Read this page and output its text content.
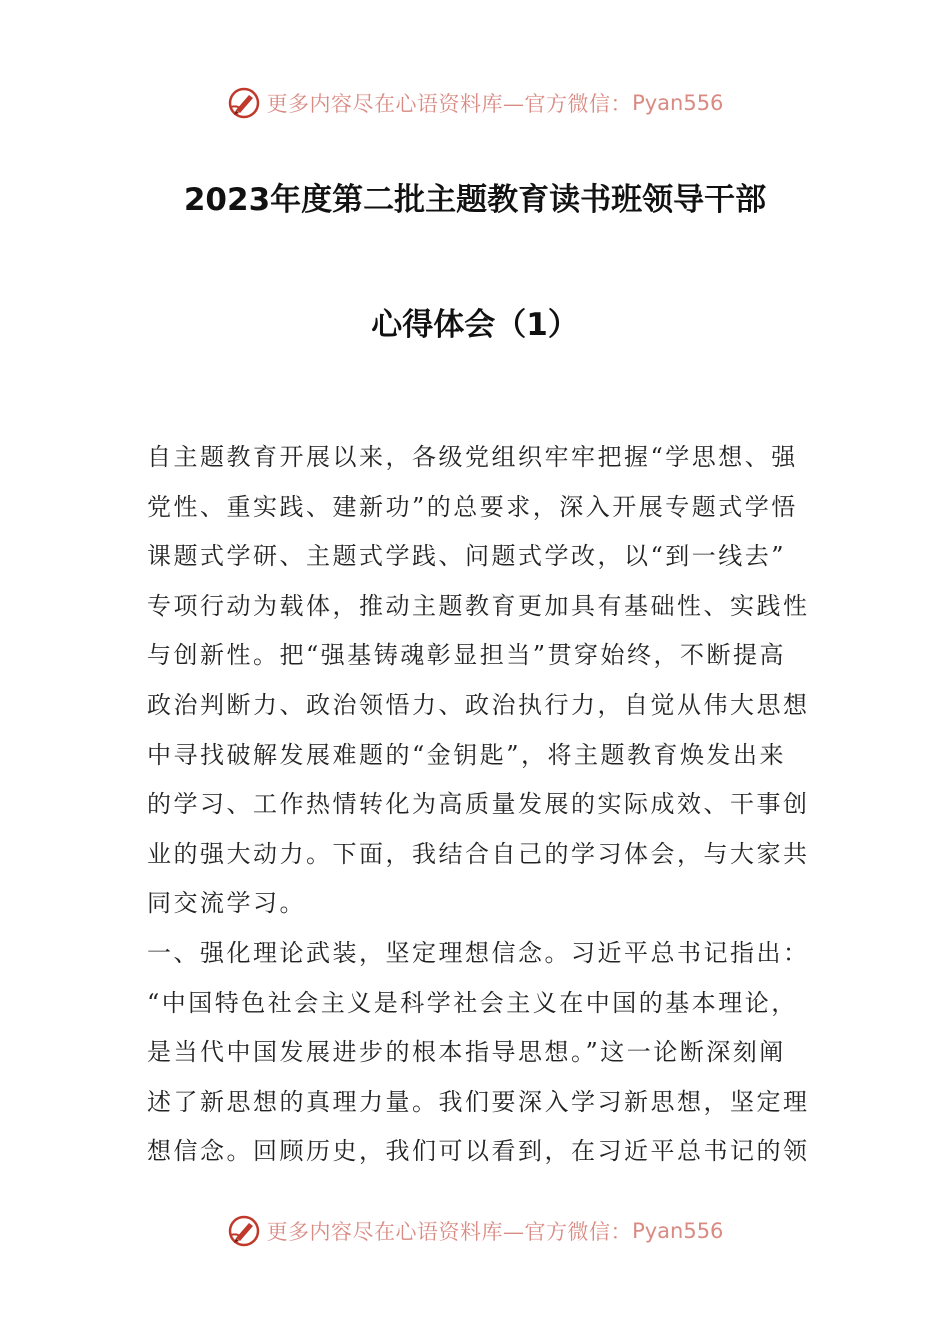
更多内容尽在心语资料库—官方微信： Pyan556
2023年度第二批主题教育读书班领导干部
心得体会（1）
自主题教育开展以来，各级党组织牢牢把握“学思想、强
党性、重实践、建新功”的总要求，深入开展专题式学悟
课题式学研、主题式学践、问题式学改，以“到一线去”
专项行动为载体，推动主题教育更加具有基础性、实践性
与创新性。把“强基铸魂彰显担当”贯穿始终，不断提高
政治判断力、政治领悟力、政治执行力，自觉从伟大思想
中寻找破解发展难题的“金钥匙”，将主题教育焕发出来
的学习、工作热情转化为高质量发展的实际成效、干事创
业的强大动力。下面，我结合自己的学习体会，与大家共
同交流学习。
一、强化理论武装，坚定理想信念。习近平总书记指出：
“中国特色社会主义是科学社会主义在中国的基本理论，
是当代中国发展进步的根本指导思想。”这一论断深刻阐
述了新思想的真理力量。我们要深入学习新思想，坚定理
想信念。回顾历史，我们可以看到，在习近平总书记的领
更多内容尽在心语资料库—官方微信： Pyan556
